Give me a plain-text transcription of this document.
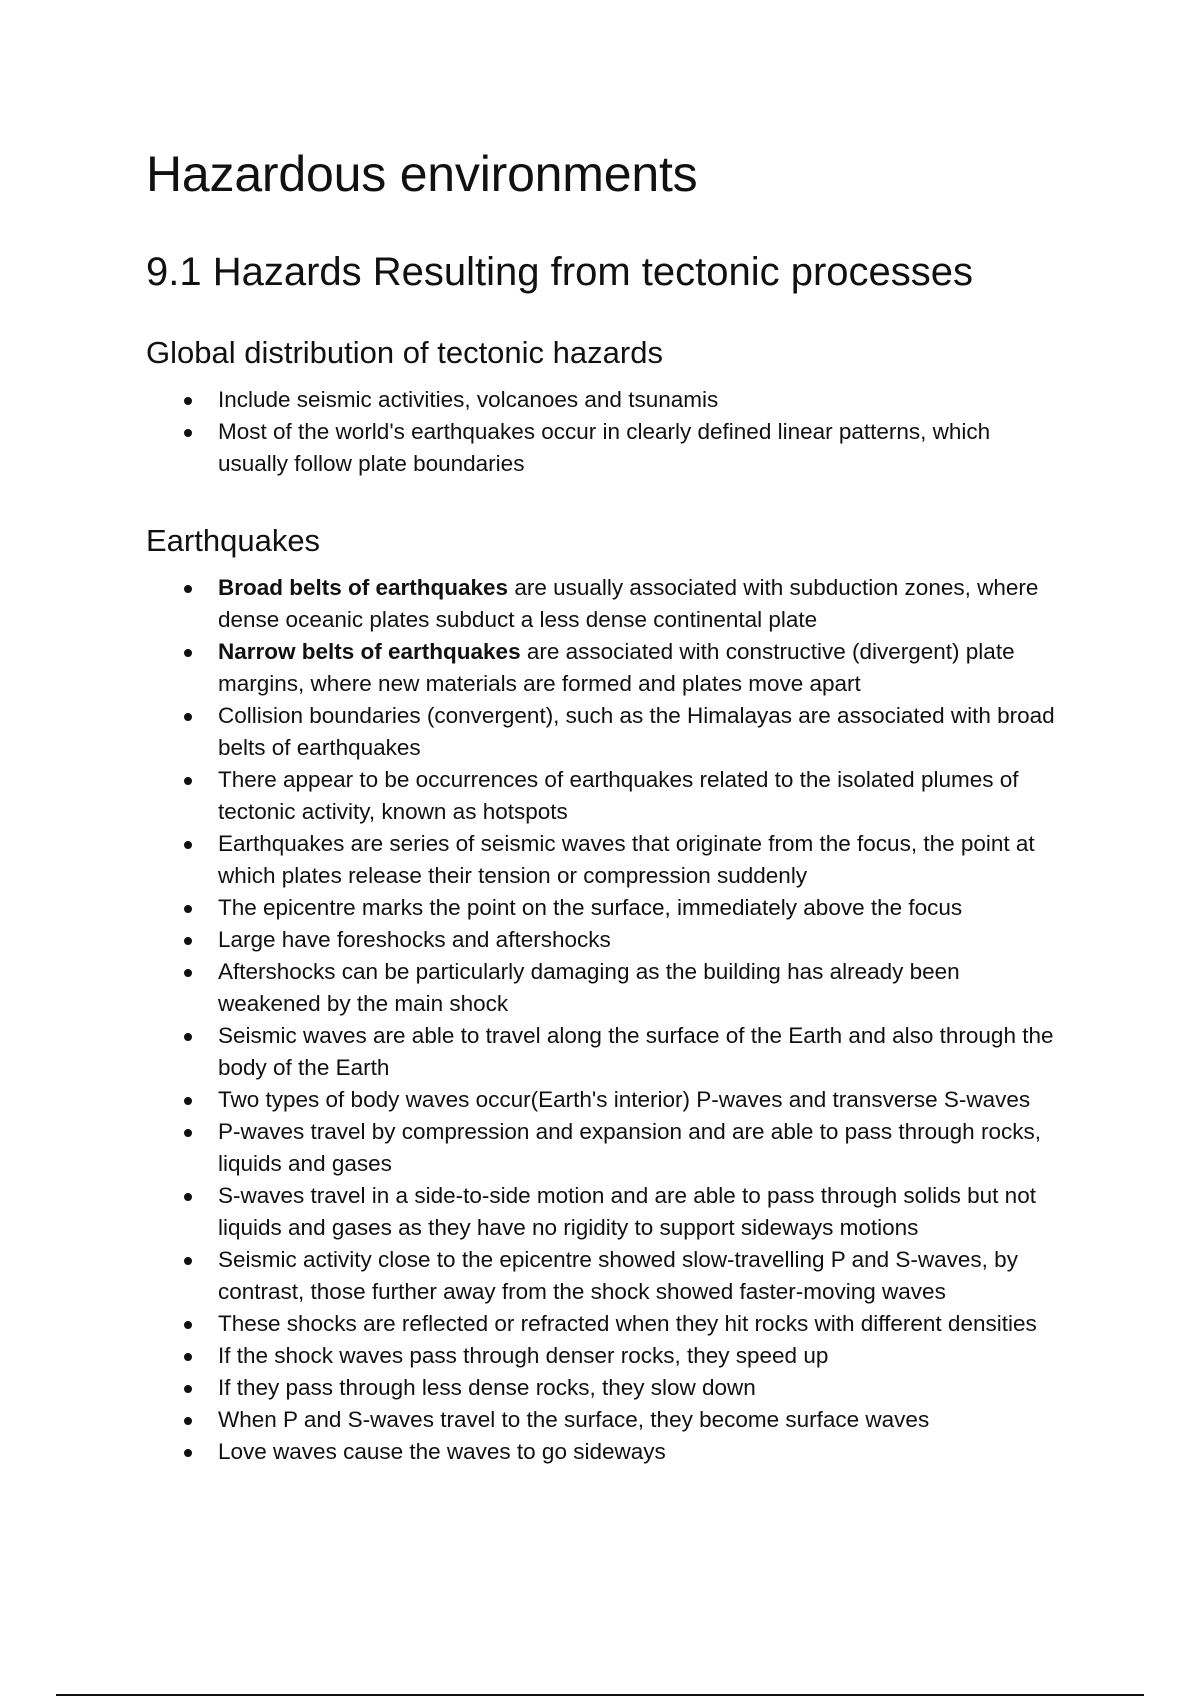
Hazardous environments
9.1 Hazards Resulting from tectonic processes
Global distribution of tectonic hazards
Include seismic activities, volcanoes and tsunamis
Most of the world's earthquakes occur in clearly defined linear patterns, which usually follow plate boundaries
Earthquakes
Broad belts of earthquakes are usually associated with subduction zones, where dense oceanic plates subduct a less dense continental plate
Narrow belts of earthquakes are associated with constructive (divergent) plate margins, where new materials are formed and plates move apart
Collision boundaries (convergent), such as the Himalayas are associated with broad belts of earthquakes
There appear to be occurrences of earthquakes related to the isolated plumes of tectonic activity, known as hotspots
Earthquakes are series of seismic waves that originate from the focus, the point at which plates release their tension or compression suddenly
The epicentre marks the point on the surface, immediately above the focus
Large have foreshocks and aftershocks
Aftershocks can be particularly damaging as the building has already been weakened by the main shock
Seismic waves are able to travel along the surface of the Earth and also through the body of the Earth
Two types of body waves occur(Earth's interior) P-waves and transverse S-waves
P-waves travel by compression and expansion and are able to pass through rocks, liquids and gases
S-waves travel in a side-to-side motion and are able to pass through solids but not liquids and gases as they have no rigidity to support sideways motions
Seismic activity close to the epicentre showed slow-travelling P and S-waves, by contrast, those further away from the shock showed faster-moving waves
These shocks are reflected or refracted when they hit rocks with different densities
If the shock waves pass through denser rocks, they speed up
If they pass through less dense rocks, they slow down
When P and S-waves travel to the surface, they become surface waves
Love waves cause the waves to go sideways
